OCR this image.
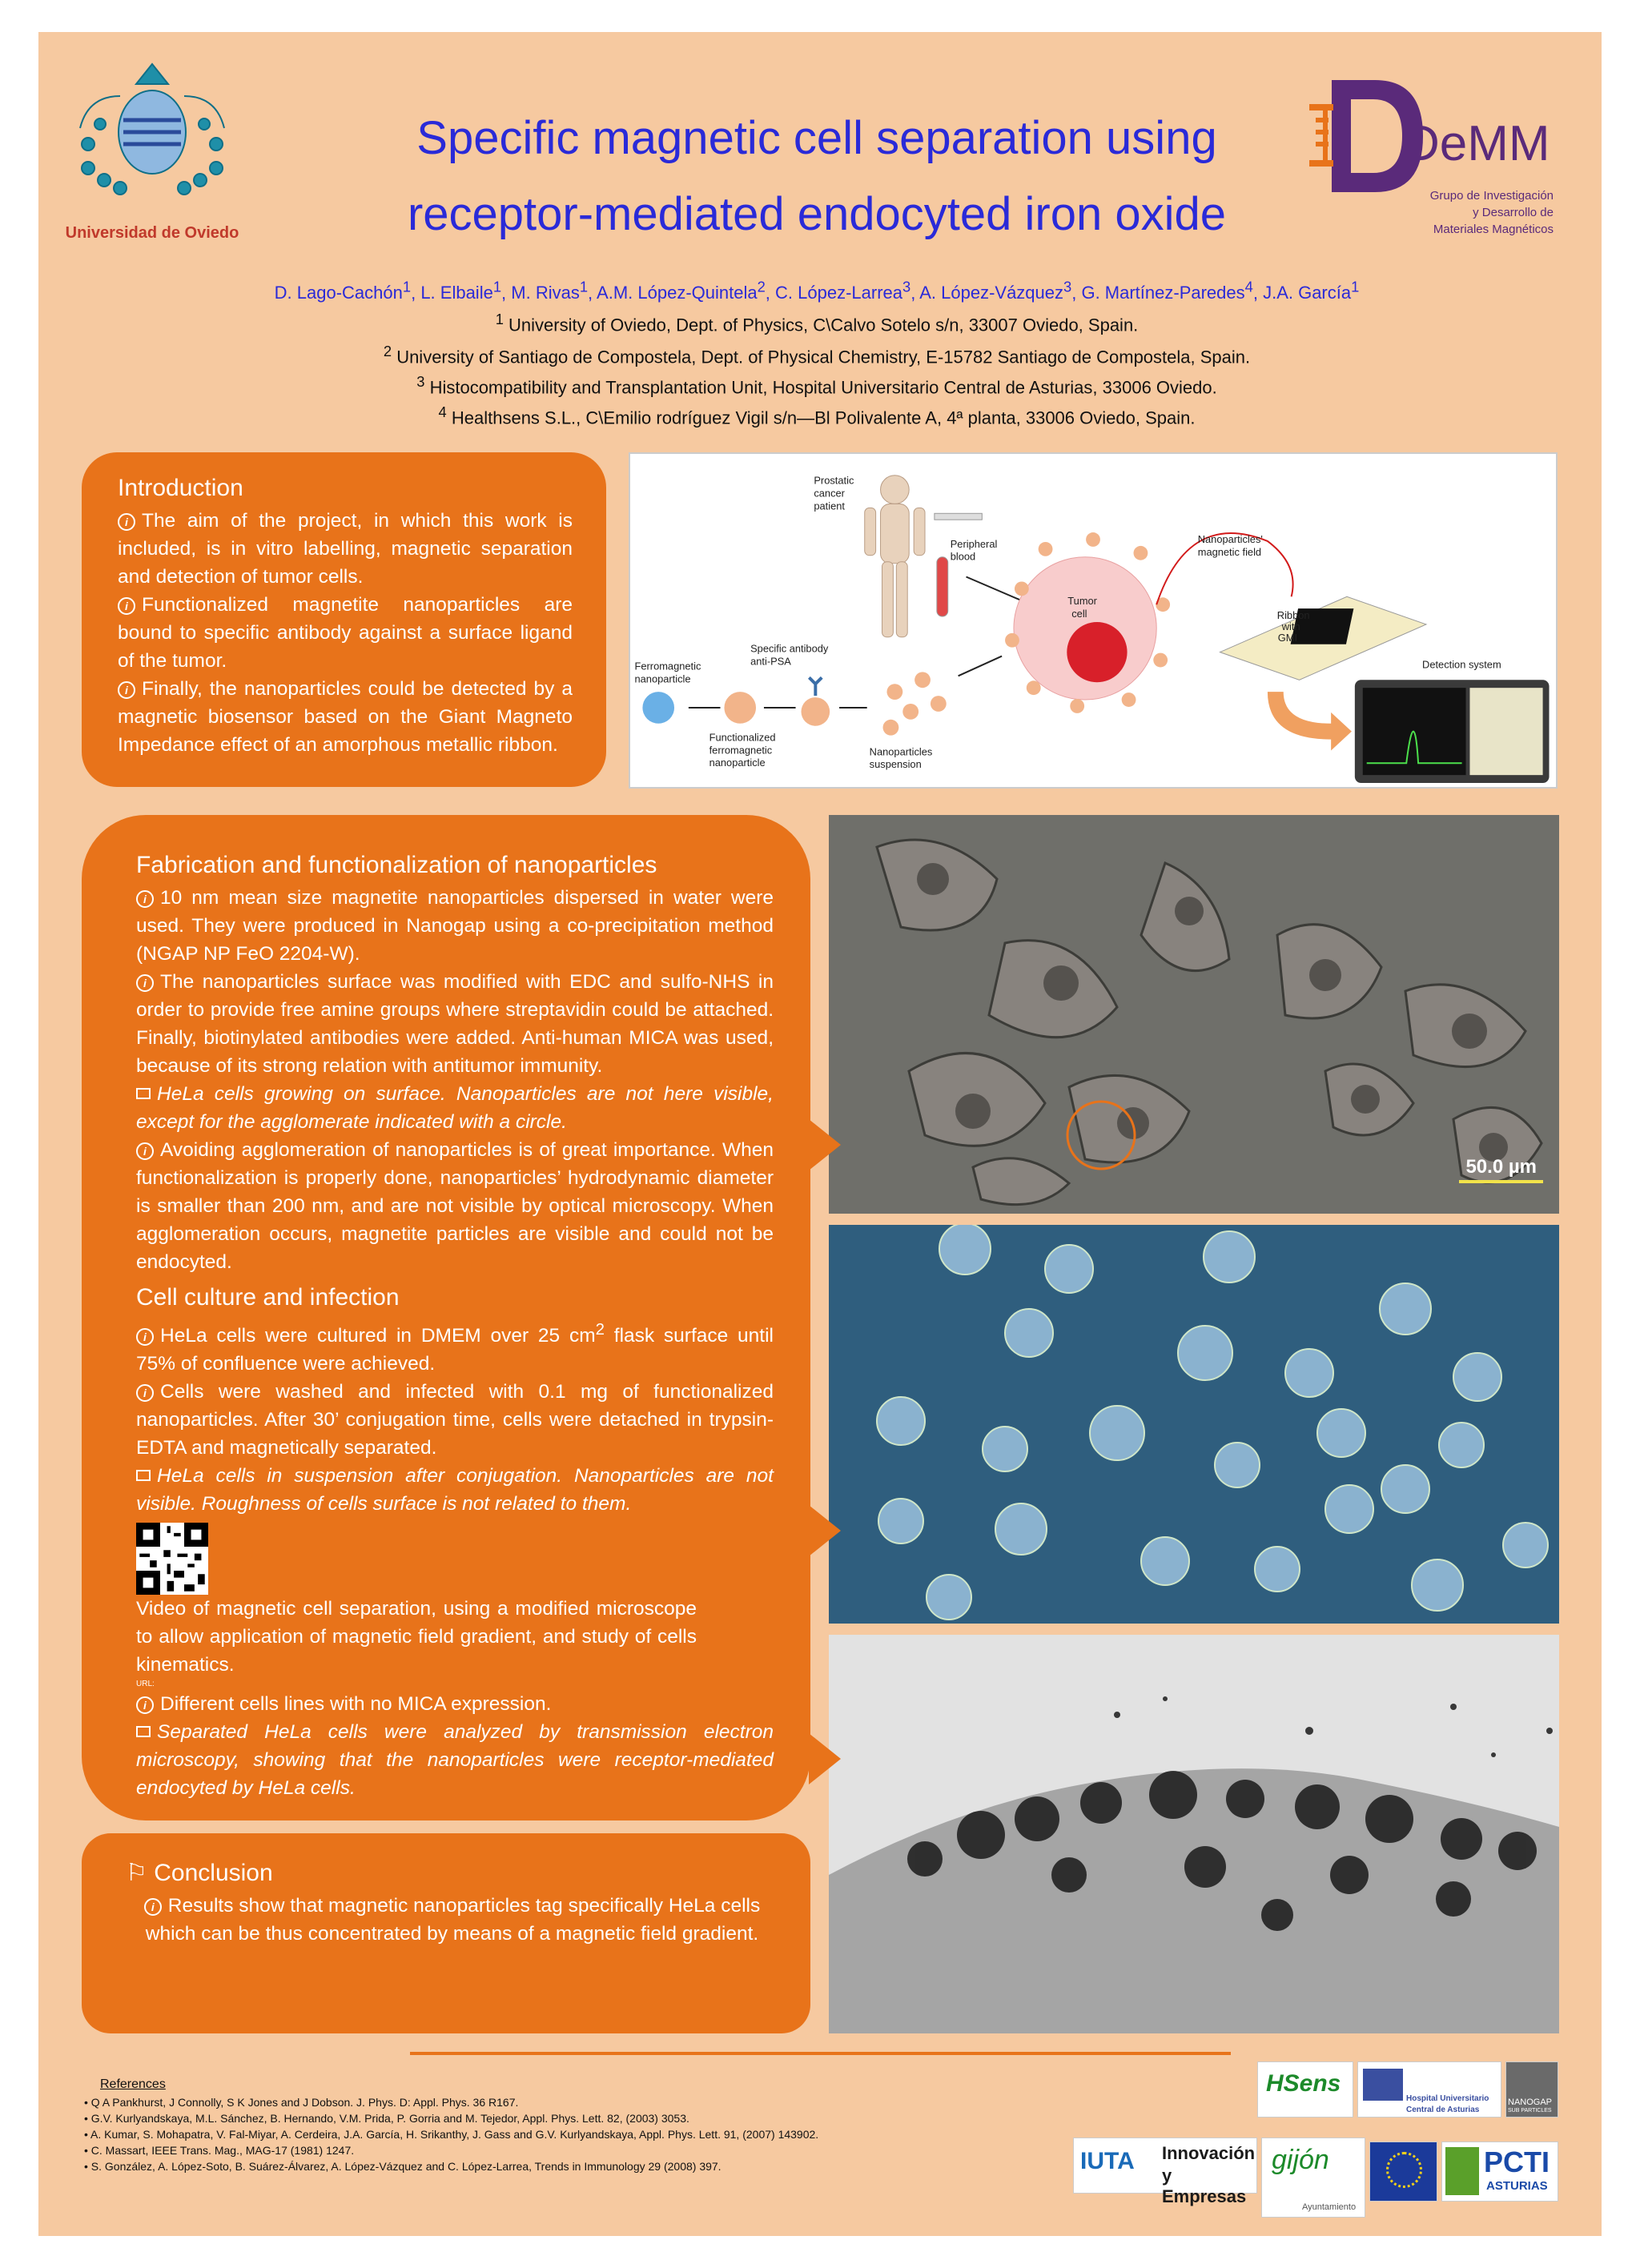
Universidad de Oviedo
Specific magnetic cell separation using
receptor-mediated endocyted iron oxide
DeMM
Grupo de Investigación
y Desarrollo de
Materiales Magnéticos
D. Lago-Cachón$^1$, L. Elbaile$^1$, M. Rivas$^1$, A.M. López-Quintela$^2$, C. López-Larrea$^3$, A. López-Vázquez$^3$, G. Martínez-Paredes$^4$, J.A. García$^1$
$^1$ University of Oviedo, Dept. of Physics, C\Calvo Sotelo s/n, 33007 Oviedo, Spain.
$^2$ University of Santiago de Compostela, Dept. of Physical Chemistry, E-15782 Santiago de Compostela, Spain.
$^3$ Histocompatibility and Transplantation Unit, Hospital Universitario Central de Asturias, 33006 Oviedo.
$^4$ Healthsens S.L., C\Emilio rodríguez Vigil s/n—Bl Polivalente A, 4ª planta, 33006 Oviedo, Spain.
Introduction

i The aim of the project, in which this work is included, is in vitro labelling, magnetic separation and detection of tumor cells.

i Functionalized magnetite nanoparticles are bound to specific antibody against a surface ligand of the tumor.

i Finally, the nanoparticles could be detected by a magnetic biosensor based on the Giant Magneto Impedance effect of an amorphous metallic ribbon.

Prostatic
cancer
patient
Peripheral
blood
Ferromagnetic
nanoparticle
Functionalized
ferromagnetic
nanoparticle
Specific antibody
anti-PSA
Nanoparticles
suspension
Tumor
cell
Nanoparticles'
magnetic field
Ribbon
with
GMI
Detection system
Fabrication and functionalization of nanoparticles

i 10 nm mean size magnetite nanoparticles dispersed in water were used. They were produced in Nanogap using a co-precipitation method (NGAP NP FeO 2204-W).

i The nanoparticles surface was modified with EDC and sulfo-NHS in order to provide free amine groups where streptavidin could be attached. Finally, biotinylated antibodies were added. Anti-human MICA was used, because of its strong relation with antitumor immunity.

HeLa cells growing on surface. Nanoparticles are not here visible, except for the agglomerate indicated with a circle.

i Avoiding agglomeration of nanoparticles is of great importance. When functionalization is properly done, nanoparticles’ hydrodynamic diameter is smaller than 200 nm, and are not visible by optical microscopy. When agglomeration occurs, magnetite particles are visible and could not be endocyted.

Cell culture and infection

i HeLa cells were cultured in DMEM over 25 $cm^2$ flask surface until 75% of confluence were achieved.

i Cells were washed and infected with 0.1 mg of functionalized nanoparticles. After 30’ conjugation time, cells were detached in trypsin-EDTA and magnetically separated.

HeLa cells in suspension after conjugation. Nanoparticles are not visible. Roughness of cells surface is not related to them.

Video of magnetic cell separation, using a modified microscope to allow application of magnetic field gradient, and study of cells kinematics.

URL:

i Different cells lines with no MICA expression.

Separated HeLa cells were analyzed by transmission electron microscopy, showing that the nanoparticles were receptor-mediated endocyted by HeLa cells.

⚐ Conclusion

i Results show that magnetic nanoparticles tag specifically HeLa cells which can be thus concentrated by means of a magnetic field gradient.

50.0 µm
References
• Q A Pankhurst, J Connolly, S K Jones and J Dobson. J. Phys. D: Appl. Phys. 36 R167.
• G.V. Kurlyandskaya, M.L. Sánchez, B. Hernando, V.M. Prida, P. Gorria and M. Tejedor, Appl. Phys. Lett. 82, (2003) 3053.
• A. Kumar, S. Mohapatra, V. Fal-Miyar, A. Cerdeira, J.A. García, H. Srikanthy, J. Gass and G.V. Kurlyandskaya, Appl. Phys. Lett. 91, (2007) 143902.
• C. Massart, IEEE Trans. Mag., MAG-17 (1981) 1247.
• S. González, A. López-Soto, B. Suárez-Álvarez, A. López-Vázquez and C. López-Larrea, Trends in Immunology 29 (2008) 397.
HSens
Hospital Universitario
Central de Asturias
NANOGAP
SUB PARTICLES
IUTA Innovación
y Empresas
gijón
Ayuntamiento
PCTI
ASTURIAS
